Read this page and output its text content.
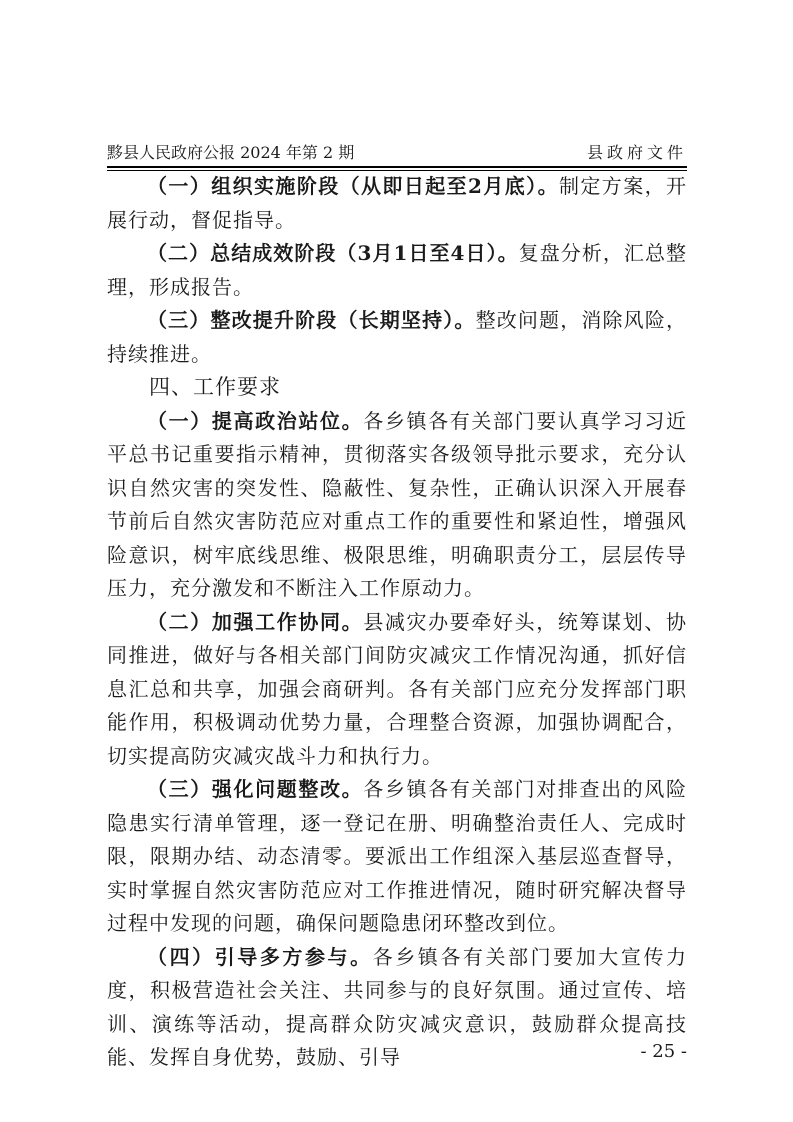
黟县人民政府公报 2024 年第 2 期	县政府文件

（一）组织实施阶段（从即日起至2月底）。制定方案，开展行动，督促指导。

（二）总结成效阶段（3月1日至4日）。复盘分析，汇总整理，形成报告。

（三）整改提升阶段（长期坚持）。整改问题，消除风险，持续推进。

四、工作要求

（一）提高政治站位。各乡镇各有关部门要认真学习习近平总书记重要指示精神，贯彻落实各级领导批示要求，充分认识自然灾害的突发性、隐蔽性、复杂性，正确认识深入开展春节前后自然灾害防范应对重点工作的重要性和紧迫性，增强风险意识，树牢底线思维、极限思维，明确职责分工，层层传导压力，充分激发和不断注入工作原动力。

（二）加强工作协同。县减灾办要牵好头，统筹谋划、协同推进，做好与各相关部门间防灾减灾工作情况沟通，抓好信息汇总和共享，加强会商研判。各有关部门应充分发挥部门职能作用，积极调动优势力量，合理整合资源，加强协调配合，切实提高防灾减灾战斗力和执行力。

（三）强化问题整改。各乡镇各有关部门对排查出的风险隐患实行清单管理，逐一登记在册、明确整治责任人、完成时限，限期办结、动态清零。要派出工作组深入基层巡查督导，实时掌握自然灾害防范应对工作推进情况，随时研究解决督导过程中发现的问题，确保问题隐患闭环整改到位。

（四）引导多方参与。各乡镇各有关部门要加大宣传力度，积极营造社会关注、共同参与的良好氛围。通过宣传、培训、演练等活动，提高群众防灾减灾意识，鼓励群众提高技能、发挥自身优势，鼓励、引导	- 25 -
